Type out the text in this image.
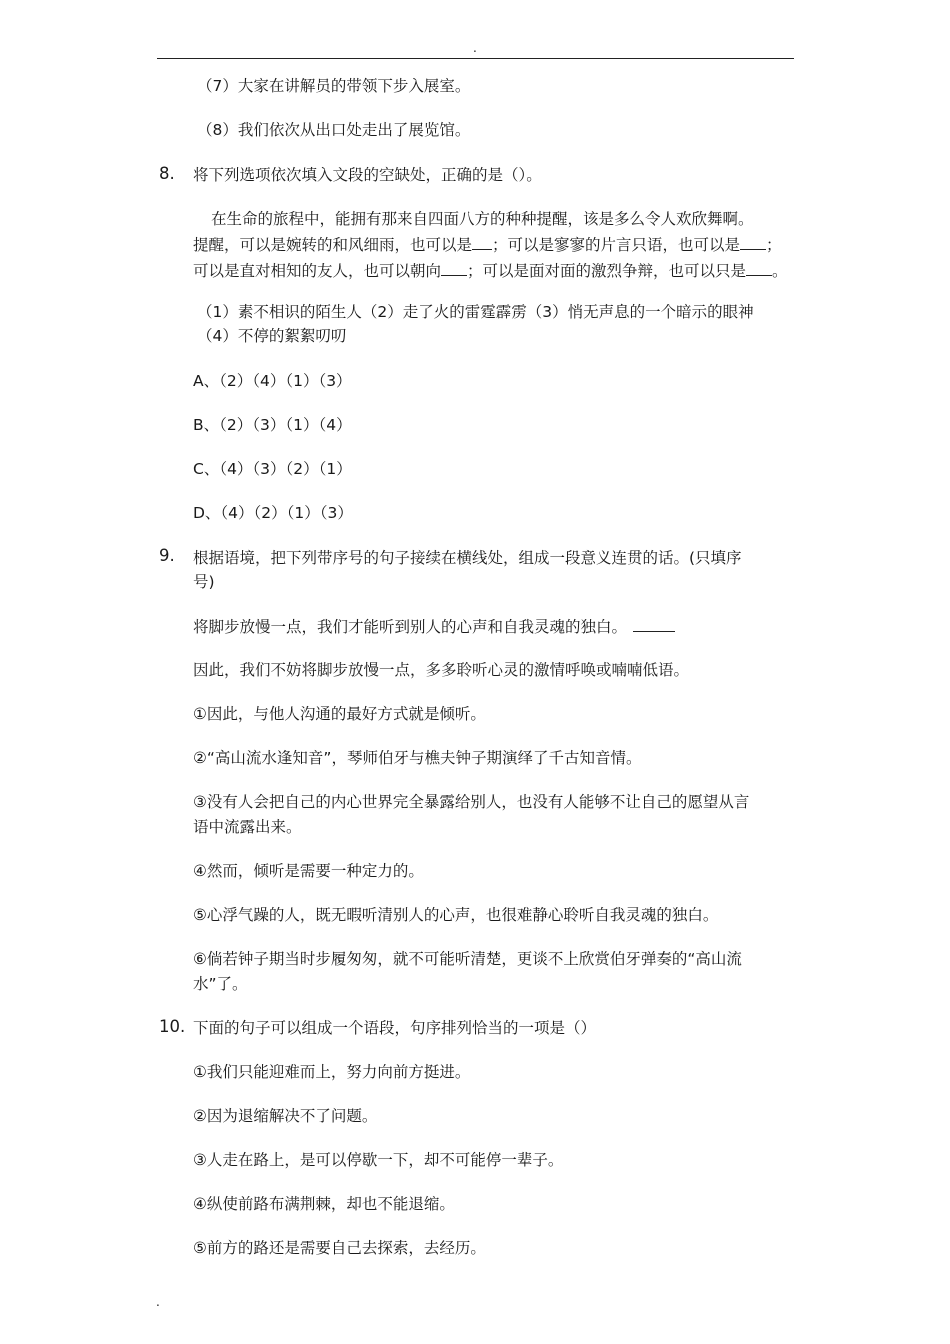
.
（7）大家在讲解员的带领下步入展室。
（8）我们依次从出口处走出了展览馆。
8. 将下列选项依次填入文段的空缺处，正确的是（）。
在生命的旅程中，能拥有那来自四面八方的种种提醒，该是多么令人欢欣舞啊。
提醒，可以是婉转的和风细雨，也可以是 ；可以是寥寥的片言只语，也可以是 ；
可以是直对相知的友人，也可以朝向 ；可以是面对面的激烈争辩，也可以只是 。
（1）素不相识的陌生人（2）走了火的雷霆霹雳（3）悄无声息的一个暗示的眼神
（4）不停的絮絮叨叨
A、（2）（4）（1）（3）
B、（2）（3）（1）（4）
C、（4）（3）（2）（1）
D、（4）（2）（1）（3）
9. 根据语境，把下列带序号的句子接续在横线处，组成一段意义连贯的话。(只填序
号)
将脚步放慢一点，我们才能听到别人的心声和自我灵魂的独白。
因此，我们不妨将脚步放慢一点，多多聆听心灵的激情呼唤或喃喃低语。
①因此，与他人沟通的最好方式就是倾听。
②“高山流水逢知音”，琴师伯牙与樵夫钟子期演绎了千古知音情。
③没有人会把自己的内心世界完全暴露给别人，也没有人能够不让自己的愿望从言
语中流露出来。
④然而，倾听是需要一种定力的。
⑤心浮气躁的人，既无暇听清别人的心声，也很难静心聆听自我灵魂的独白。
⑥倘若钟子期当时步履匆匆，就不可能听清楚，更谈不上欣赏伯牙弹奏的“高山流
水”了。
10. 下面的句子可以组成一个语段，句序排列恰当的一项是（）
①我们只能迎难而上，努力向前方挺进。
②因为退缩解决不了问题。
③人走在路上，是可以停歇一下，却不可能停一辈子。
④纵使前路布满荆棘，却也不能退缩。
⑤前方的路还是需要自己去探索，去经历。
.
